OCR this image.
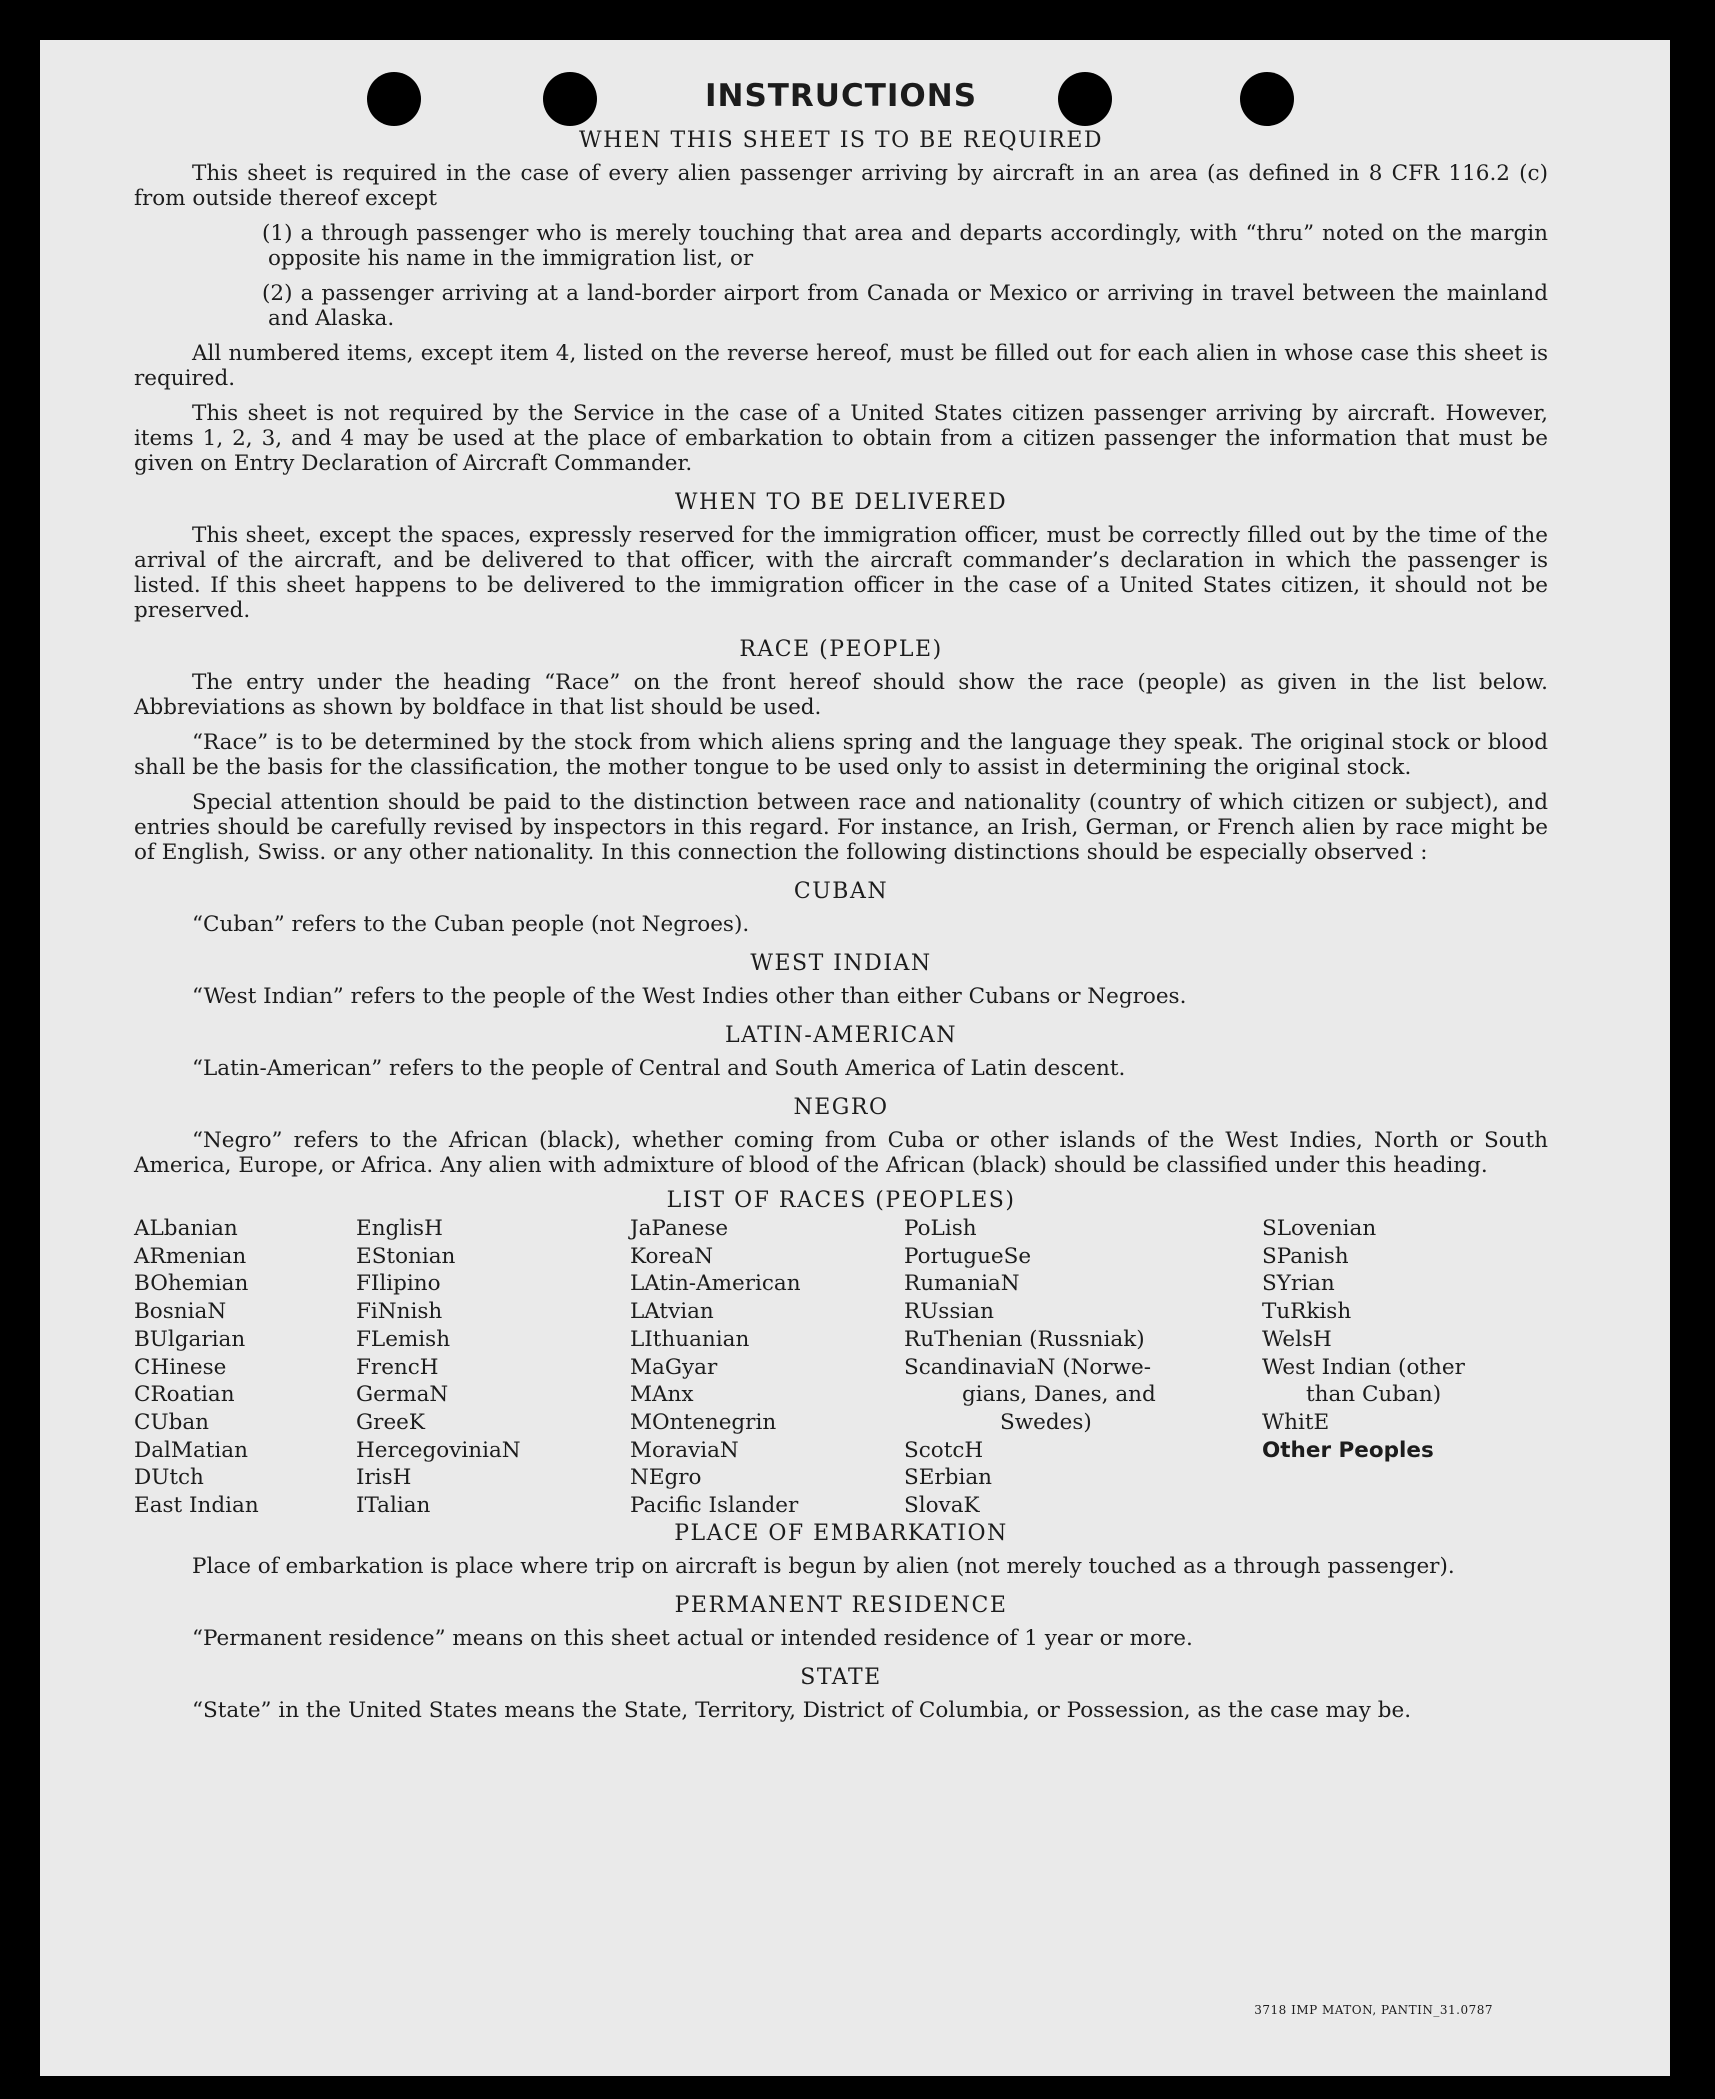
INSTRUCTIONS
WHEN THIS SHEET IS TO BE REQUIRED

This sheet is required in the case of every alien passenger arriving by aircraft in an area (as defined in 8 CFR 116.2 (c) from outside thereof except

(1) a through passenger who is merely touching that area and departs accordingly, with “thru” noted on the margin opposite his name in the immigration list, or

(2) a passenger arriving at a land-border airport from Canada or Mexico or arriving in travel between the mainland and Alaska.

All numbered items, except item 4, listed on the reverse hereof, must be filled out for each alien in whose case this sheet is required.

This sheet is not required by the Service in the case of a United States citizen passenger arriving by aircraft. However, items 1, 2, 3, and 4 may be used at the place of embarkation to obtain from a citizen passenger the information that must be given on Entry Declaration of Aircraft Commander.

WHEN TO BE DELIVERED

This sheet, except the spaces, expressly reserved for the immigration officer, must be correctly filled out by the time of the arrival of the aircraft, and be delivered to that officer, with the aircraft commander’s declaration in which the passenger is listed. If this sheet happens to be delivered to the immigration officer in the case of a United States citizen, it should not be preserved.

RACE (PEOPLE)

The entry under the heading “Race” on the front hereof should show the race (people) as given in the list below. Abbreviations as shown by boldface in that list should be used.

“Race” is to be determined by the stock from which aliens spring and the language they speak. The original stock or blood shall be the basis for the classification, the mother tongue to be used only to assist in determining the original stock.

Special attention should be paid to the distinction between race and nationality (country of which citizen or subject), and entries should be carefully revised by inspectors in this regard. For instance, an Irish, German, or French alien by race might be of English, Swiss. or any other nationality. In this connection the following distinctions should be especially observed :

CUBAN

“Cuban” refers to the Cuban people (not Negroes).

WEST INDIAN

“West Indian” refers to the people of the West Indies other than either Cubans or Negroes.

LATIN-AMERICAN

“Latin-American” refers to the people of Central and South America of Latin descent.

NEGRO

“Negro” refers to the African (black), whether coming from Cuba or other islands of the West Indies, North or South America, Europe, or Africa. Any alien with admixture of blood of the African (black) should be classified under this heading.

LIST OF RACES (PEOPLES)
ALbanian
ARmenian
BOhemian
BosniaN
BUlgarian
CHinese
CRoatian
CUban
DalMatian
DUtch
East Indian
EnglisH
EStonian
FIlipino
FiNnish
FLemish
FrencH
GermaN
GreeK
HercegoviniaN
IrisH
ITalian
JaPanese
KoreaN
LAtin-American
LAtvian
LIthuanian
MaGyar
MAnx
MOntenegrin
MoraviaN
NEgro
Pacific Islander
PoLish
PortugueSe
RumaniaN
RUssian
RuThenian (Russniak)
ScandinaviaN (Norwe-
gians, Danes, and
Swedes)
ScotcH
SErbian
SlovaK
SLovenian
SPanish
SYrian
TuRkish
WelsH
West Indian (other
than Cuban)
WhitE
Other Peoples
PLACE OF EMBARKATION

Place of embarkation is place where trip on aircraft is begun by alien (not merely touched as a through passenger).

PERMANENT RESIDENCE

“Permanent residence” means on this sheet actual or intended residence of 1 year or more.

STATE

“State” in the United States means the State, Territory, District of Columbia, or Possession, as the case may be.

3718 IMP MATON, PANTIN_31.0787
